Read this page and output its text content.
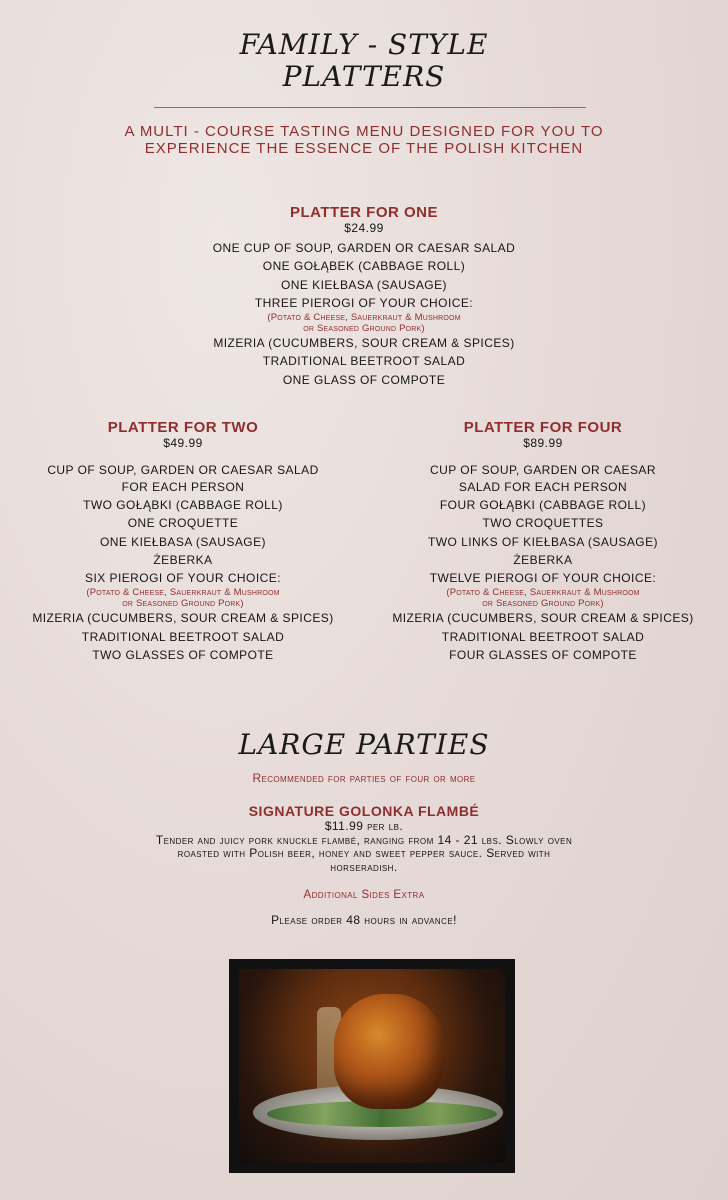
FAMILY - STYLE
PLATTERS
A MULTI - COURSE TASTING MENU DESIGNED FOR YOU TO
EXPERIENCE THE ESSENCE OF THE POLISH KITCHEN
PLATTER FOR ONE
$24.99
ONE CUP OF SOUP, GARDEN OR CAESAR SALAD
ONE GOŁĄBEK (CABBAGE ROLL)
ONE KIEŁBASA (SAUSAGE)
THREE PIEROGI OF YOUR CHOICE:
(Potato & Cheese, Sauerkraut & Mushroom
or Seasoned Ground Pork)
MIZERIA (CUCUMBERS, SOUR CREAM & SPICES)
TRADITIONAL BEETROOT SALAD
ONE GLASS OF COMPOTE
PLATTER FOR TWO
$49.99
CUP OF SOUP, GARDEN OR CAESAR SALAD
FOR EACH PERSON
TWO GOŁĄBKI (CABBAGE ROLL)
ONE CROQUETTE
ONE KIEŁBASA (SAUSAGE)
ŻEBERKA
SIX PIEROGI OF YOUR CHOICE:
(Potato & Cheese, Sauerkraut & Mushroom
or Seasoned Ground Pork)
MIZERIA (CUCUMBERS, SOUR CREAM & SPICES)
TRADITIONAL BEETROOT SALAD
TWO GLASSES OF COMPOTE
PLATTER FOR FOUR
$89.99
CUP OF SOUP, GARDEN OR CAESAR
SALAD FOR EACH PERSON
FOUR GOŁĄBKI (CABBAGE ROLL)
TWO CROQUETTES
TWO LINKS OF KIEŁBASA (SAUSAGE)
ŻEBERKA
TWELVE PIEROGI OF YOUR CHOICE:
(Potato & Cheese, Sauerkraut & Mushroom
or Seasoned Ground Pork)
MIZERIA (CUCUMBERS, SOUR CREAM & SPICES)
TRADITIONAL BEETROOT SALAD
FOUR GLASSES OF COMPOTE
LARGE PARTIES
Recommended for parties of four or more
SIGNATURE GOLONKA FLAMBÉ
$11.99 per lb.
Tender and juicy pork knuckle flambé, ranging from 14 - 21 lbs. Slowly oven
roasted with Polish beer, honey and sweet pepper sauce. Served with
horseradish.
Additional Sides Extra
Please order 48 hours in advance!
